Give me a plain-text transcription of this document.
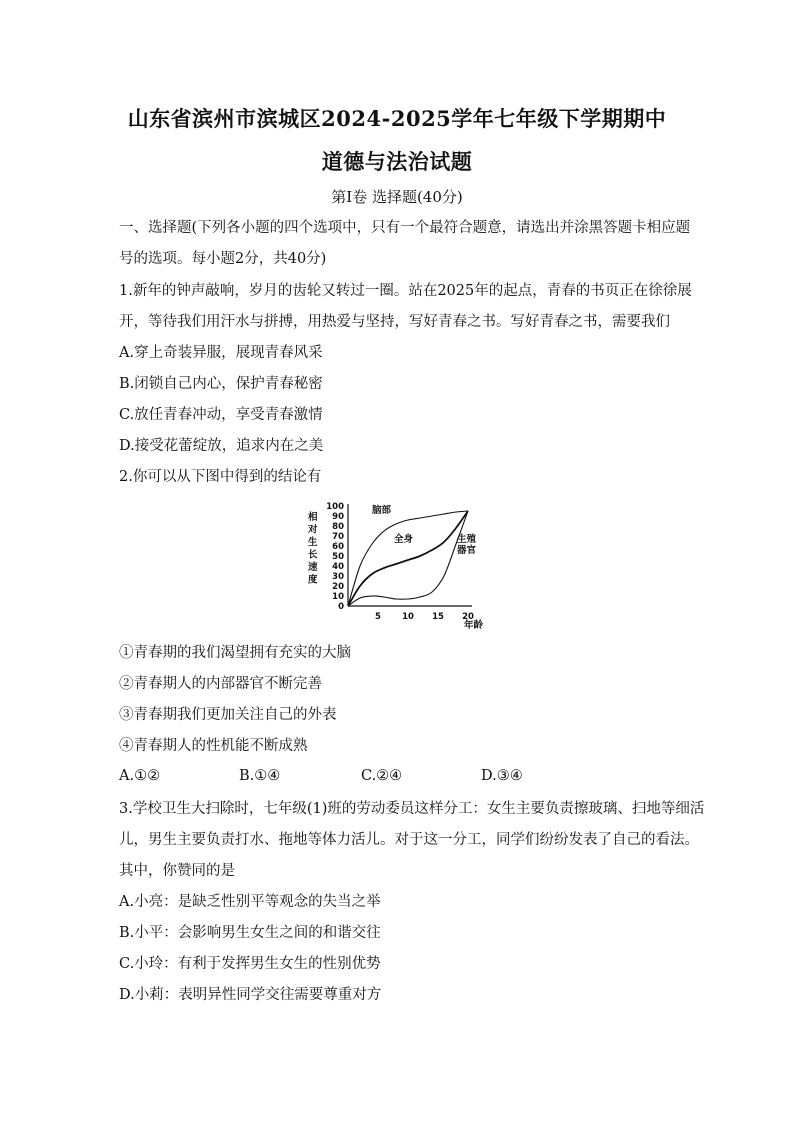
山东省滨州市滨城区2024-2025学年七年级下学期期中
道德与法治试题
第Ⅰ卷 选择题(40分)
一、选择题(下列各小题的四个选项中，只有一个最符合题意，请选出并涂黑答题卡相应题
号的选项。每小题2分，共40分)
1.新年的钟声敲响，岁月的齿轮又转过一圈。站在2025年的起点，青春的书页正在徐徐展
开，等待我们用汗水与拼搏，用热爱与坚持，写好青春之书。写好青春之书，需要我们
A.穿上奇装异服，展现青春风采
B.闭锁自己内心，保护青春秘密
C.放任青春冲动，享受青春激情
D.接受花蕾绽放，追求内在之美
2.你可以从下图中得到的结论有
相
对
生
长
速
度
0
10
20
30
40
50
60
70
80
90
100
5 10 15 20
脑部
全身	生殖
器官
年龄
①青春期的我们渴望拥有充实的大脑
②青春期人的内部器官不断完善
③青春期我们更加关注自己的外表
④青春期人的性机能不断成熟
A.①②	B.①④	C.②④	D.③④
3.学校卫生大扫除时，七年级(1)班的劳动委员这样分工：女生主要负责擦玻璃、扫地等细活
儿，男生主要负责打水、拖地等体力活儿。对于这一分工，同学们纷纷发表了自己的看法。
其中，你赞同的是
A.小亮：是缺乏性别平等观念的失当之举
B.小平：会影响男生女生之间的和谐交往
C.小玲：有利于发挥男生女生的性别优势
D.小莉：表明异性同学交往需要尊重对方
